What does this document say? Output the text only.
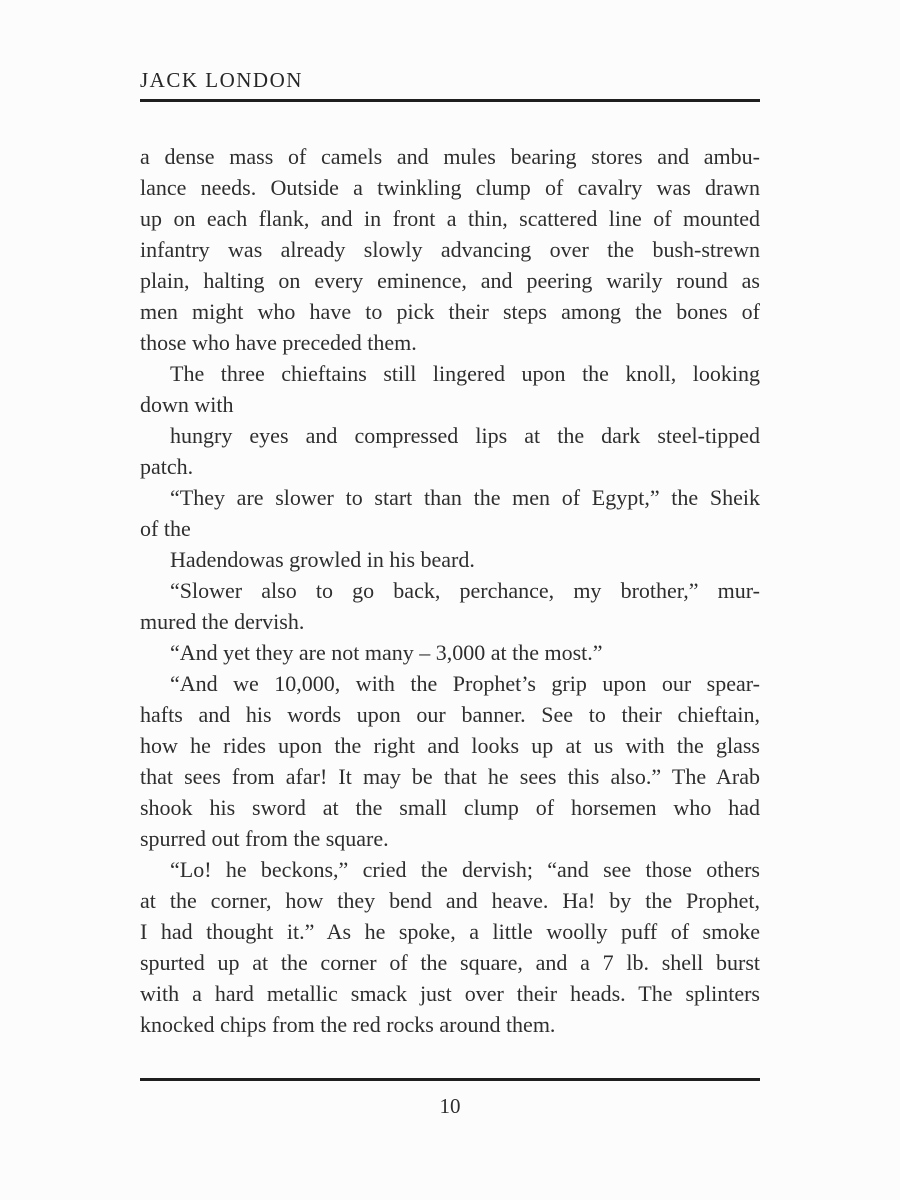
JACK LONDON
a dense mass of camels and mules bearing stores and ambu-
lance needs. Outside a twinkling clump of cavalry was drawn
up on each flank, and in front a thin, scattered line of mounted
infantry was already slowly advancing over the bush-strewn
plain, halting on every eminence, and peering warily round as
men might who have to pick their steps among the bones of
those who have preceded them.
The three chieftains still lingered upon the knoll, looking
down with
hungry eyes and compressed lips at the dark steel-tipped
patch.
“They are slower to start than the men of Egypt,” the Sheik
of the
Hadendowas growled in his beard.
“Slower also to go back, perchance, my brother,” mur-
mured the dervish.
“And yet they are not many – 3,000 at the most.”
“And we 10,000, with the Prophet’s grip upon our spear-
hafts and his words upon our banner. See to their chieftain,
how he rides upon the right and looks up at us with the glass
that sees from afar! It may be that he sees this also.” The Arab
shook his sword at the small clump of horsemen who had
spurred out from the square.
“Lo! he beckons,” cried the dervish; “and see those others
at the corner, how they bend and heave. Ha! by the Prophet,
I had thought it.” As he spoke, a little woolly puff of smoke
spurted up at the corner of the square, and a 7 lb. shell burst
with a hard metallic smack just over their heads. The splinters
knocked chips from the red rocks around them.
10
